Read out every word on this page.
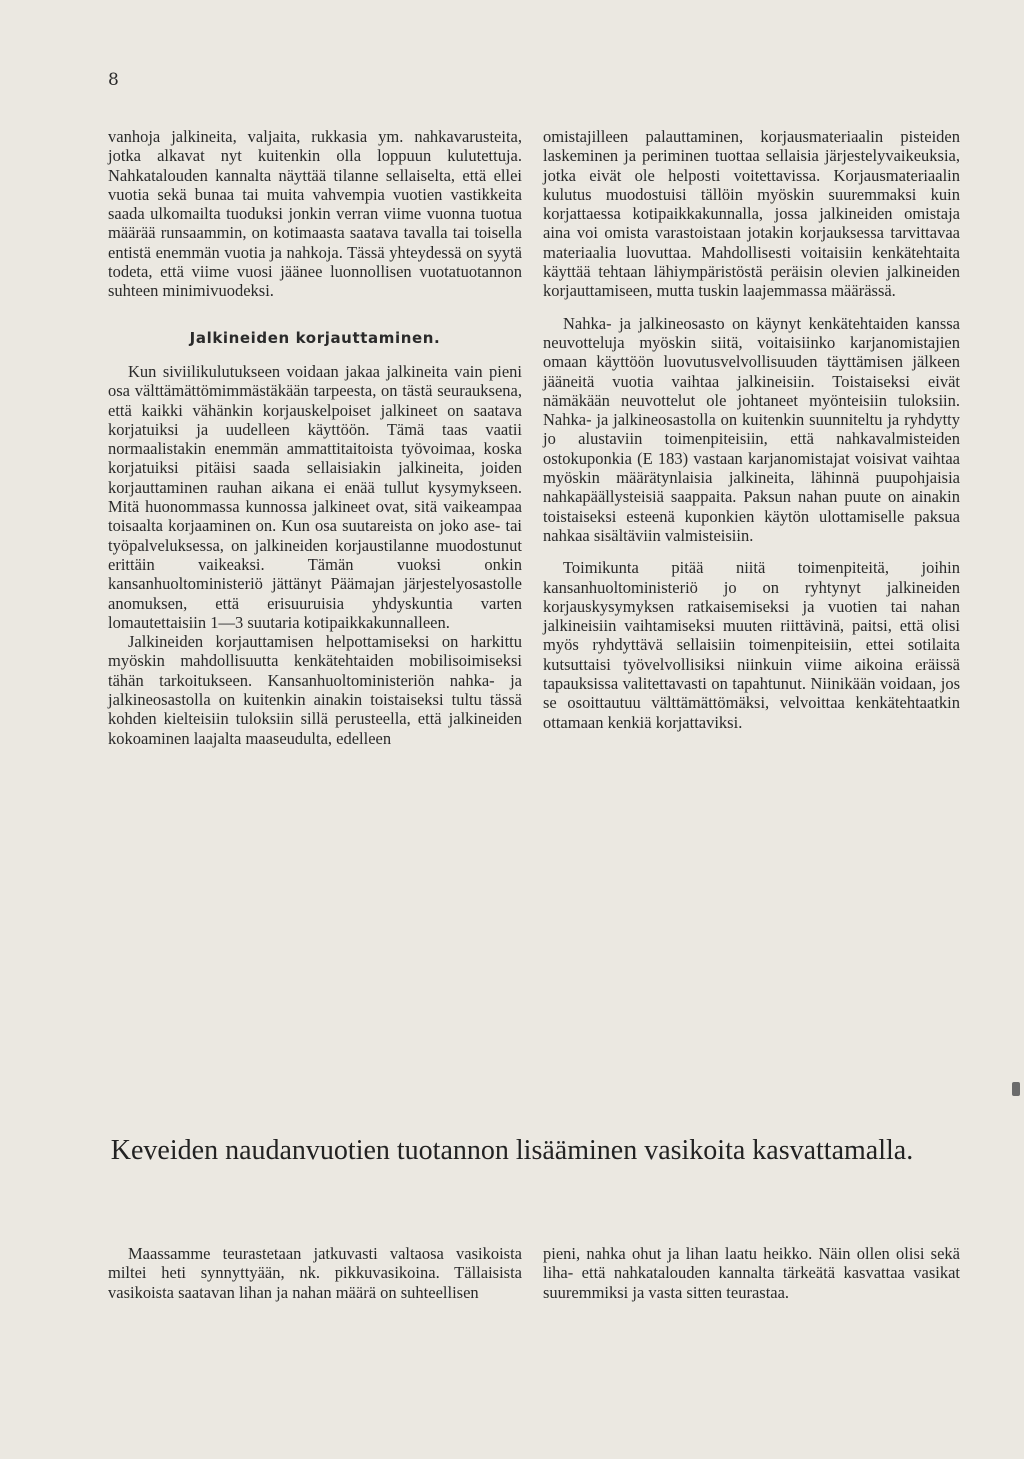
8

vanhoja jalkineita, valjaita, rukkasia ym. nahkavarusteita, jotka alkavat nyt kuitenkin olla loppuun kulutettuja. Nahkatalouden kannalta näyttää tilanne sellaiselta, että ellei vuotia sekä bunaa tai muita vahvempia vuotien vastikkeita saada ulkomailta tuoduksi jonkin verran viime vuonna tuotua määrää runsaammin, on kotimaasta saatava tavalla tai toisella entistä enemmän vuotia ja nahkoja. Tässä yhteydessä on syytä todeta, että viime vuosi jäänee luonnollisen vuotatuotannon suhteen minimivuodeksi.

Jalkineiden korjauttaminen.

Kun siviilikulutukseen voidaan jakaa jalkineita vain pieni osa välttämättömimmästäkään tarpeesta, on tästä seurauksena, että kaikki vähänkin korjauskelpoiset jalkineet on saatava korjatuiksi ja uudelleen käyttöön. Tämä taas vaatii normaalistakin enemmän ammattitaitoista työvoimaa, koska korjatuiksi pitäisi saada sellaisiakin jalkineita, joiden korjauttaminen rauhan aikana ei enää tullut kysymykseen. Mitä huonommassa kunnossa jalkineet ovat, sitä vaikeampaa toisaalta korjaaminen on. Kun osa suutareista on joko ase- tai työpalveluksessa, on jalkineiden korjaustilanne muodostunut erittäin vaikeaksi. Tämän vuoksi onkin kansanhuoltoministeriö jättänyt Päämajan järjestelyosastolle anomuksen, että erisuuruisia yhdyskuntia varten lomautettaisiin 1—3 suutaria kotipaikkakunnalleen.

Jalkineiden korjauttamisen helpottamiseksi on harkittu myöskin mahdollisuutta kenkätehtaiden mobilisoimiseksi tähän tarkoitukseen. Kansanhuoltoministeriön nahka- ja jalkineosastolla on kuitenkin ainakin toistaiseksi tultu tässä kohden kielteisiin tuloksiin sillä perusteella, että jalkineiden kokoaminen laajalta maaseudulta, edelleen

omistajilleen palauttaminen, korjausmateriaalin pisteiden laskeminen ja periminen tuottaa sellaisia järjestelyvaikeuksia, jotka eivät ole helposti voitettavissa. Korjausmateriaalin kulutus muodostuisi tällöin myöskin suuremmaksi kuin korjattaessa kotipaikkakunnalla, jossa jalkineiden omistaja aina voi omista varastoistaan jotakin korjauksessa tarvittavaa materiaalia luovuttaa. Mahdollisesti voitaisiin kenkätehtaita käyttää tehtaan lähiympäristöstä peräisin olevien jalkineiden korjauttamiseen, mutta tuskin laajemmassa määrässä.

Nahka- ja jalkineosasto on käynyt kenkätehtaiden kanssa neuvotteluja myöskin siitä, voitaisiinko karjanomistajien omaan käyttöön luovutusvelvollisuuden täyttämisen jälkeen jääneitä vuotia vaihtaa jalkineisiin. Toistaiseksi eivät nämäkään neuvottelut ole johtaneet myönteisiin tuloksiin. Nahka- ja jalkineosastolla on kuitenkin suunniteltu ja ryhdytty jo alustaviin toimenpiteisiin, että nahkavalmisteiden ostokuponkia (E 183) vastaan karjanomistajat voisivat vaihtaa myöskin määrätynlaisia jalkineita, lähinnä puupohjaisia nahkapäällysteisiä saappaita. Paksun nahan puute on ainakin toistaiseksi esteenä kuponkien käytön ulottamiselle paksua nahkaa sisältäviin valmisteisiin.

Toimikunta pitää niitä toimenpiteitä, joihin kansanhuoltoministeriö jo on ryhtynyt jalkineiden korjauskysymyksen ratkaisemiseksi ja vuotien tai nahan jalkineisiin vaihtamiseksi muuten riittävinä, paitsi, että olisi myös ryhdyttävä sellaisiin toimenpiteisiin, ettei sotilaita kutsuttaisi työvelvollisiksi niinkuin viime aikoina eräissä tapauksissa valitettavasti on tapahtunut. Niinikään voidaan, jos se osoittautuu välttämättömäksi, velvoittaa kenkätehtaatkin ottamaan kenkiä korjattaviksi.

Keveiden naudanvuotien tuotannon lisääminen vasikoita kasvattamalla.

Maassamme teurastetaan jatkuvasti valtaosa vasikoista miltei heti synnyttyään, nk. pikkuvasikoina. Tällaisista vasikoista saatavan lihan ja nahan määrä on suhteellisen

pieni, nahka ohut ja lihan laatu heikko. Näin ollen olisi sekä liha- että nahkatalouden kannalta tärkeätä kasvattaa vasikat suuremmiksi ja vasta sitten teurastaa.
